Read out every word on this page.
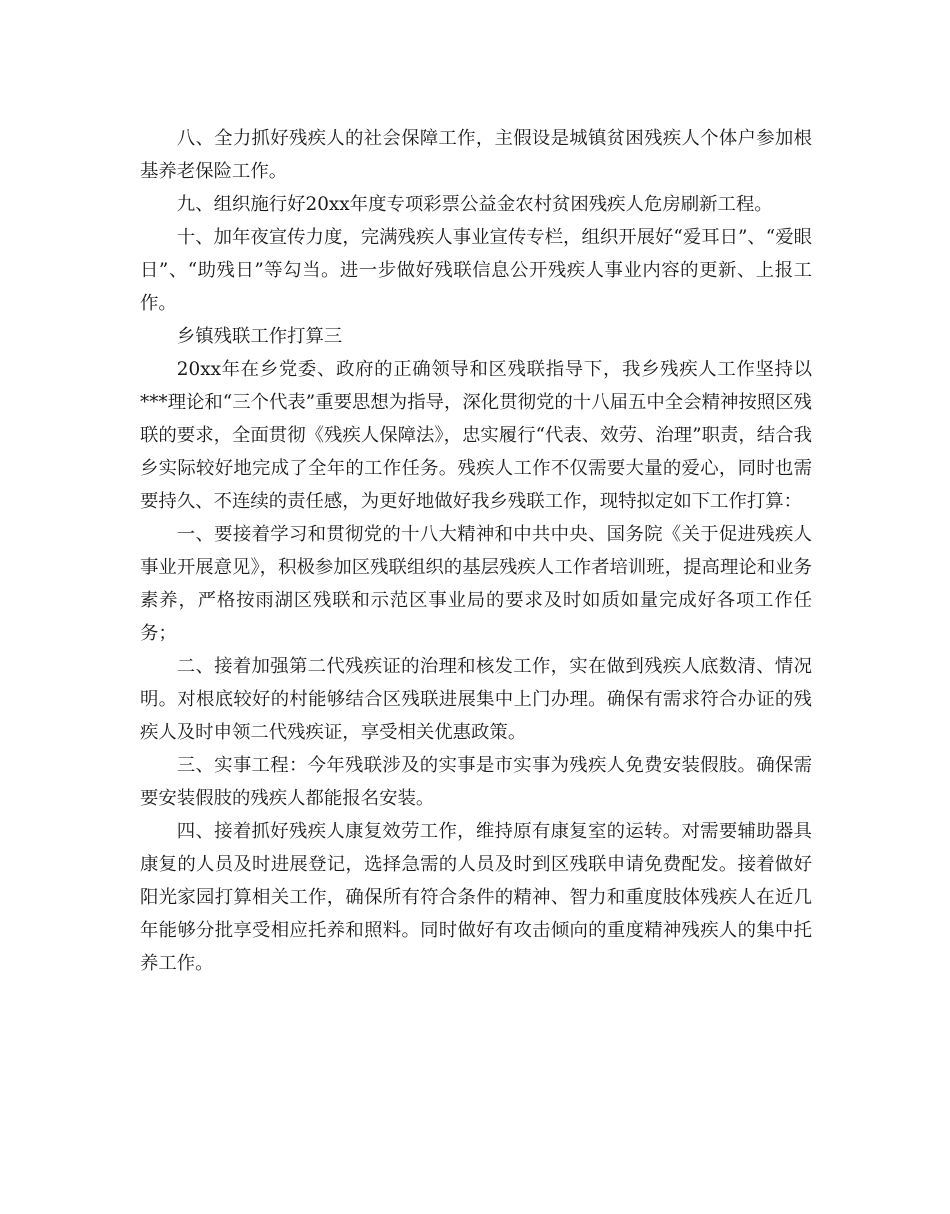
八、全力抓好残疾人的社会保障工作，主假设是城镇贫困残疾人个体户参加根基养老保险工作。

九、组织施行好20xx年度专项彩票公益金农村贫困残疾人危房刷新工程。

十、加年夜宣传力度，完满残疾人事业宣传专栏，组织开展好“爱耳日”、“爱眼日”、“助残日”等勾当。进一步做好残联信息公开残疾人事业内容的更新、上报工作。

乡镇残联工作打算三

20xx年在乡党委、政府的正确领导和区残联指导下，我乡残疾人工作坚持以***理论和“三个代表”重要思想为指导，深化贯彻党的十八届五中全会精神按照区残联的要求，全面贯彻《残疾人保障法》，忠实履行“代表、效劳、治理”职责，结合我乡实际较好地完成了全年的工作任务。残疾人工作不仅需要大量的爱心，同时也需要持久、不连续的责任感，为更好地做好我乡残联工作，现特拟定如下工作打算：

一、要接着学习和贯彻党的十八大精神和中共中央、国务院《关于促进残疾人事业开展意见》，积极参加区残联组织的基层残疾人工作者培训班，提高理论和业务素养，严格按雨湖区残联和示范区事业局的要求及时如质如量完成好各项工作任务；

二、接着加强第二代残疾证的治理和核发工作，实在做到残疾人底数清、情况明。对根底较好的村能够结合区残联进展集中上门办理。确保有需求符合办证的残疾人及时申领二代残疾证，享受相关优惠政策。

三、实事工程：今年残联涉及的实事是市实事为残疾人免费安装假肢。确保需要安装假肢的残疾人都能报名安装。

四、接着抓好残疾人康复效劳工作，维持原有康复室的运转。对需要辅助器具康复的人员及时进展登记，选择急需的人员及时到区残联申请免费配发。接着做好阳光家园打算相关工作，确保所有符合条件的精神、智力和重度肢体残疾人在近几年能够分批享受相应托养和照料。同时做好有攻击倾向的重度精神残疾人的集中托养工作。
